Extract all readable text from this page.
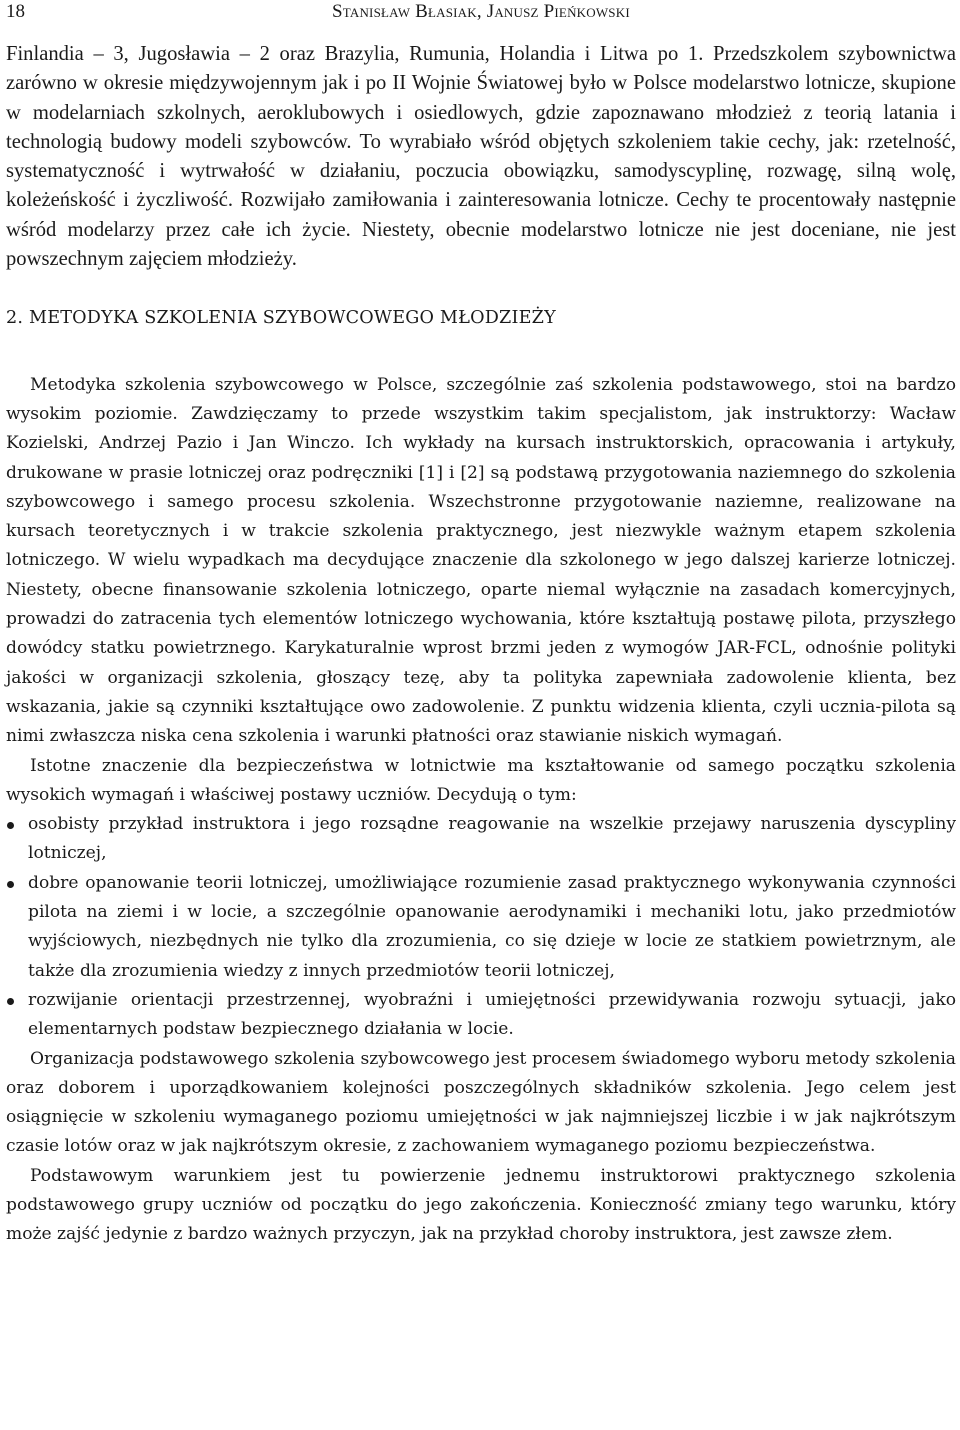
18	Stanisław Błasiak, Janusz Pieńkowski

Finlandia – 3, Jugosławia – 2 oraz Brazylia, Rumunia, Holandia i Litwa po 1. Przedszkolem szybownictwa zarówno w okresie międzywojennym jak i po II Wojnie Światowej było w Polsce modelarstwo lotnicze, skupione w modelarniach szkolnych, aeroklubowych i osiedlowych, gdzie zapoznawano młodzież z teorią latania i technologią budowy modeli szybowców. To wyrabiało wśród objętych szkoleniem takie cechy, jak: rzetelność, systematyczność i wytrwałość w działaniu, poczucia obowiązku, samodyscyplinę, rozwagę, silną wolę, koleżeńskość i życzliwość. Rozwijało zamiłowania i zainteresowania lotnicze. Cechy te procentowały następnie wśród modelarzy przez całe ich życie. Niestety, obecnie modelarstwo lotnicze nie jest doceniane, nie jest powszechnym zajęciem młodzieży.

2. METODYKA SZKOLENIA SZYBOWCOWEGO MŁODZIEŻY

Metodyka szkolenia szybowcowego w Polsce, szczególnie zaś szkolenia podstawowego, stoi na bardzo wysokim poziomie. Zawdzięczamy to przede wszystkim takim specjalistom, jak instruktorzy: Wacław Kozielski, Andrzej Pazio i Jan Winczo. Ich wykłady na kursach instruktorskich, opracowania i artykuły, drukowane w prasie lotniczej oraz podręczniki [1] i [2] są podstawą przygotowania naziemnego do szkolenia szybowcowego i samego procesu szkolenia. Wszechstronne przygotowanie naziemne, realizowane na kursach teoretycznych i w trakcie szkolenia praktycznego, jest niezwykle ważnym etapem szkolenia lotniczego. W wielu wypadkach ma decydujące znaczenie dla szkolonego w jego dalszej karierze lotniczej. Niestety, obecne finansowanie szkolenia lotniczego, oparte niemal wyłącznie na zasadach komercyjnych, prowadzi do zatracenia tych elementów lotniczego wychowania, które kształtują postawę pilota, przyszłego dowódcy statku powietrznego. Karykaturalnie wprost brzmi jeden z wymogów JAR-FCL, odnośnie polityki jakości w organizacji szkolenia, głoszący tezę, aby ta polityka zapewniała zadowolenie klienta, bez wskazania, jakie są czynniki kształtujące owo zadowolenie. Z punktu widzenia klienta, czyli ucznia-pilota są nimi zwłaszcza niska cena szkolenia i warunki płatności oraz stawianie niskich wymagań.

Istotne znaczenie dla bezpieczeństwa w lotnictwie ma kształtowanie od samego początku szkolenia wysokich wymagań i właściwej postawy uczniów. Decydują o tym:

osobisty przykład instruktora i jego rozsądne reagowanie na wszelkie przejawy naruszenia dyscypliny lotniczej,
dobre opanowanie teorii lotniczej, umożliwiające rozumienie zasad praktycznego wykonywania czynności pilota na ziemi i w locie, a szczególnie opanowanie aerodynamiki i mechaniki lotu, jako przedmiotów wyjściowych, niezbędnych nie tylko dla zrozumienia, co się dzieje w locie ze statkiem powietrznym, ale także dla zrozumienia wiedzy z innych przedmiotów teorii lotniczej,
rozwijanie orientacji przestrzennej, wyobraźni i umiejętności przewidywania rozwoju sytuacji, jako elementarnych podstaw bezpiecznego działania w locie.

Organizacja podstawowego szkolenia szybowcowego jest procesem świadomego wyboru metody szkolenia oraz doborem i uporządkowaniem kolejności poszczególnych składników szkolenia. Jego celem jest osiągnięcie w szkoleniu wymaganego poziomu umiejętności w jak najmniejszej liczbie i w jak najkrótszym czasie lotów oraz w jak najkrótszym okresie, z zachowaniem wymaganego poziomu bezpieczeństwa.

Podstawowym warunkiem jest tu powierzenie jednemu instruktorowi praktycznego szkolenia podstawowego grupy uczniów od początku do jego zakończenia. Konieczność zmiany tego warunku, który może zajść jedynie z bardzo ważnych przyczyn, jak na przykład choroby instruktora, jest zawsze złem.
